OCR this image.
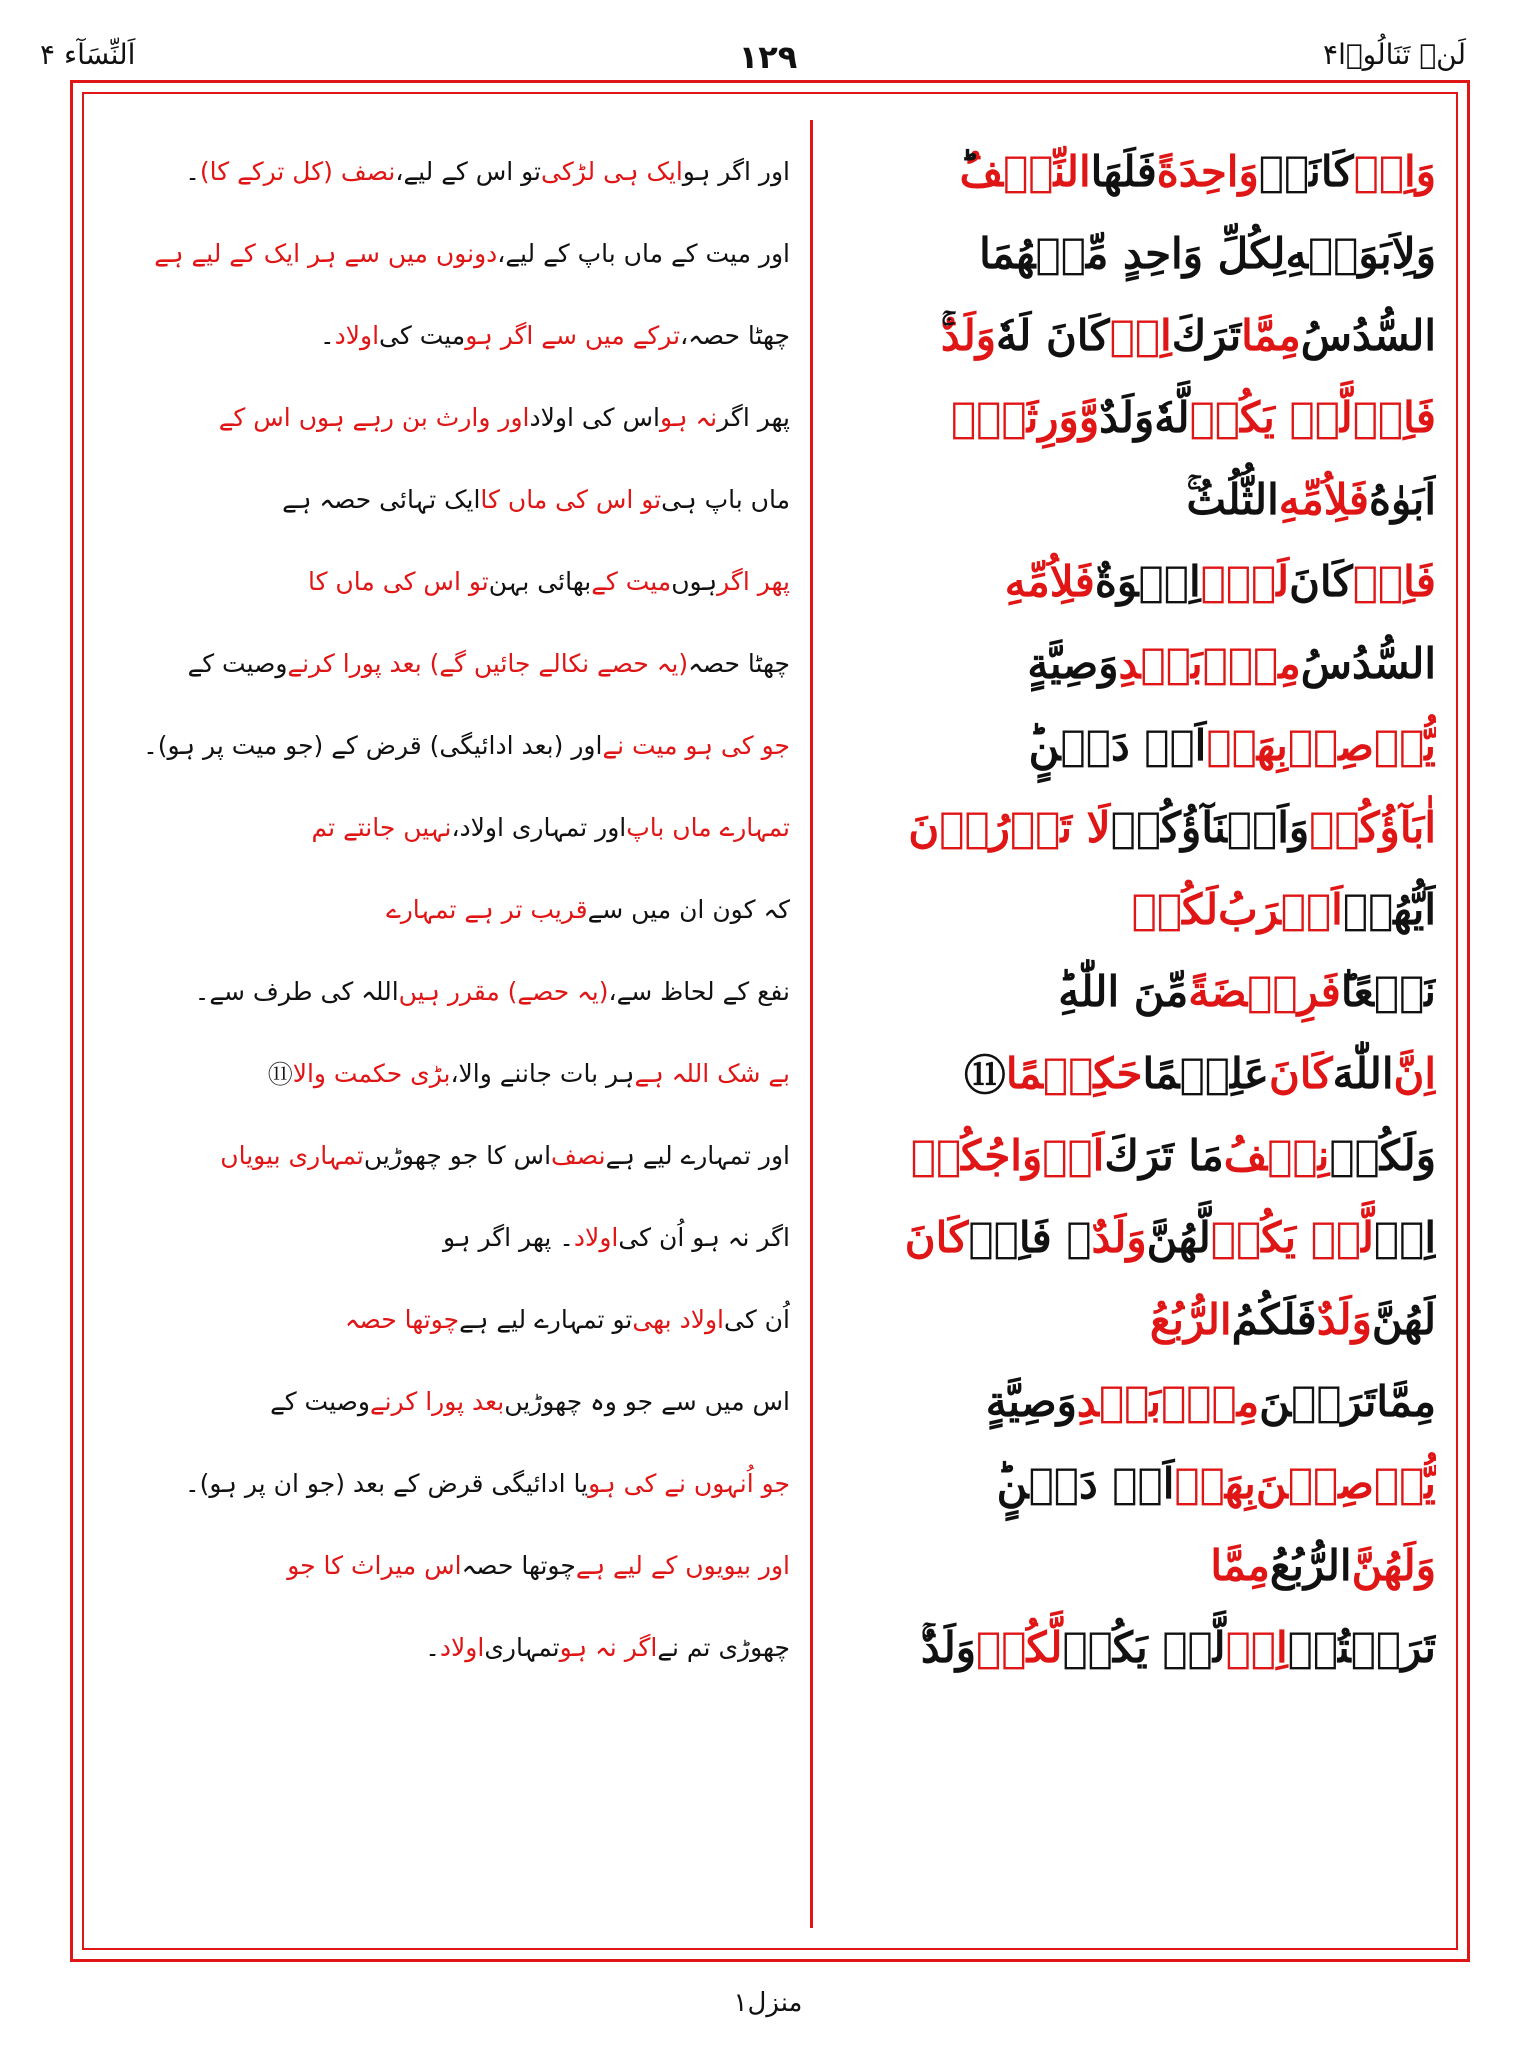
لَنۡ تَنَالُوۡا۴
۱۲۹
اَلنِّسَآء ۴
وَاِنۡ
كَانَتۡ
وَاحِدَةً
فَلَهَا
النِّصۡفُ
وَلِاَبَوَيۡهِ
لِكُلِّ وَاحِدٍ مِّنۡهُمَا
السُّدُسُ
مِمَّا
تَرَكَ
اِنۡ
كَانَ لَهٗ
وَلَدٌ
فَاِنۡ
لَّمۡ يَكُنۡ
لَّهٗ
وَلَدٌ
وَّوَرِثَهٗۤ
اَبَوٰهُ
فَلِاُمِّهِ
الثُّلُثُ
فَاِنۡ
كَانَ
لَهٗۤ
اِخۡوَةٌ
فَلِاُمِّهِ
السُّدُسُ
مِنۡۢ
بَعۡدِ
وَصِيَّةٍ
يُّوۡصِىۡ
بِهَاۤ
اَوۡ دَيۡنٍ
اٰبَآؤُكُمۡ
وَاَبۡنَآؤُكُمۡ
لَا تَدۡرُوۡنَ
اَيُّهُمۡ
اَقۡرَبُ
لَكُمۡ
نَفۡعًا
فَرِيۡضَةً
مِّنَ اللّٰهِ
اِنَّ
اللّٰهَ
كَانَ
عَلِيۡمًا
حَكِيۡمًا
⑪
وَلَكُمۡ
نِصۡفُ
مَا تَرَكَ
اَزۡوَاجُكُمۡ
اِنۡ
لَّمۡ يَكُنۡ
لَّهُنَّ
وَلَدٌ
ۚ فَاِنۡ
كَانَ
لَهُنَّ
وَلَدٌ
فَلَكُمُ
الرُّبُعُ
مِمَّا
تَرَكۡنَ
مِنۡۢ
بَعۡدِ
وَصِيَّةٍ
يُّوۡصِيۡنَ
بِهَاۤ
اَوۡ دَيۡنٍ
وَلَهُنَّ
الرُّبُعُ
مِمَّا
تَرَكۡتُمۡ
اِنۡ
لَّمۡ يَكُنۡ
لَّكُمۡ
وَلَدٌ
اور اگر ہو
ایک ہی لڑکی
تو اس کے لیے،
نصف (کل ترکے کا)
۔
اور میت کے ماں باپ کے لیے،
دونوں میں سے ہر ایک کے لیے ہے
چھٹا حصہ،
ترکے میں سے اگر ہو
میت کی
اولاد
۔
پھر اگر
نہ ہو
اس کی اولاد
اور وارث بن رہے ہوں اس کے
ماں باپ ہی
تو اس کی ماں کا
ایک تہائی حصہ ہے
پھر اگر
ہوں
میت کے
بھائی بہن
تو اس کی ماں کا
چھٹا حصہ
(یہ حصے نکالے جائیں گے) بعد پورا کرنے
وصیت کے
جو کی ہو میت نے
اور (بعد ادائیگی) قرض کے (جو میت پر ہو)۔
تمہارے ماں باپ
اور تمہاری اولاد،
نہیں جانتے تم
کہ کون ان میں سے
قریب تر ہے تمہارے
نفع کے لحاظ سے،
(یہ حصے) مقرر ہیں
اللہ کی طرف سے۔
بے شک اللہ ہے
ہر بات جاننے والا،
بڑی حکمت والا
⑪
اور تمہارے لیے ہے
نصف
اس کا جو چھوڑیں
تمہاری بیویاں
اگر نہ ہو اُن کی
اولاد
۔ پھر اگر ہو
اُن کی
اولاد بھی
تو تمہارے لیے ہے
چوتھا حصہ
اس میں سے جو وہ چھوڑیں
بعد پورا کرنے
وصیت کے
جو اُنہوں نے کی ہو
یا ادائیگی قرض کے بعد (جو ان پر ہو)۔
اور بیویوں کے لیے ہے
چوتھا حصہ
اس میراث کا جو
چھوڑی تم نے
اگر نہ ہو
تمہاری
اولاد
۔
منزل۱
